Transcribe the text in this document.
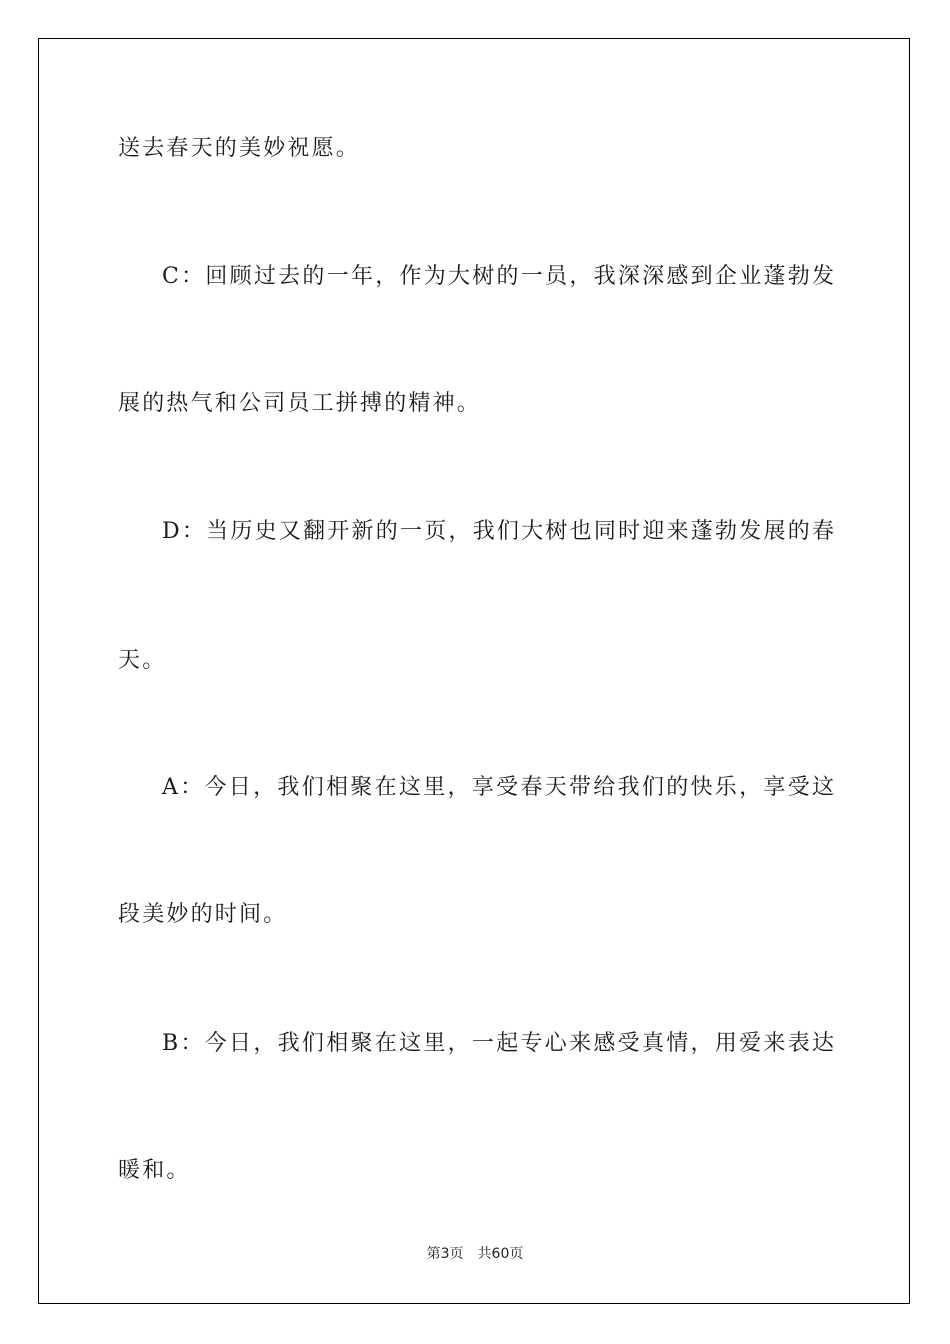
送去春天的美妙祝愿。
C：回顾过去的一年，作为大树的一员，我深深感到企业蓬勃发
展的热气和公司员工拼搏的精神。
D：当历史又翻开新的一页，我们大树也同时迎来蓬勃发展的春
天。
A：今日，我们相聚在这里，享受春天带给我们的快乐，享受这
段美妙的时间。
B：今日，我们相聚在这里，一起专心来感受真情，用爱来表达
暖和。
第3页　共60页
